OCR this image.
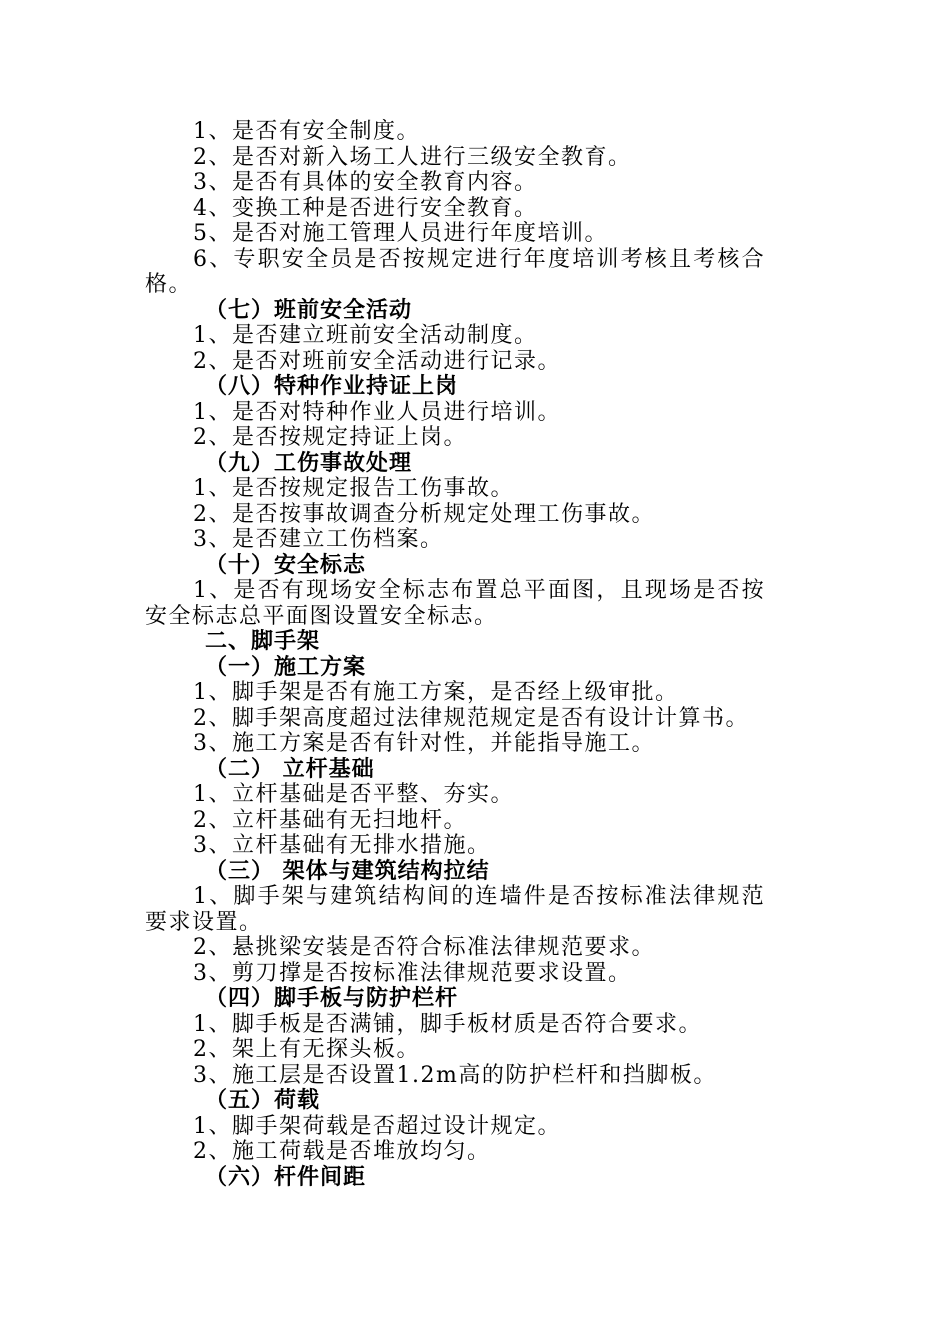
1、是否有安全制度。
2、是否对新入场工人进行三级安全教育。
3、是否有具体的安全教育内容。
4、变换工种是否进行安全教育。
5、是否对施工管理人员进行年度培训。
6、专职安全员是否按规定进行年度培训考核且考核合
格。
（七）班前安全活动
1、是否建立班前安全活动制度。
2、是否对班前安全活动进行记录。
（八）特种作业持证上岗
1、是否对特种作业人员进行培训。
2、是否按规定持证上岗。
（九）工伤事故处理
1、是否按规定报告工伤事故。
2、是否按事故调查分析规定处理工伤事故。
3、是否建立工伤档案。
（十）安全标志
1、是否有现场安全标志布置总平面图，且现场是否按
安全标志总平面图设置安全标志。
二、脚手架
（一）施工方案
1、脚手架是否有施工方案，是否经上级审批。
2、脚手架高度超过法律规范规定是否有设计计算书。
3、施工方案是否有针对性，并能指导施工。
（二） 立杆基础
1、立杆基础是否平整、夯实。
2、立杆基础有无扫地杆。
3、立杆基础有无排水措施。
（三） 架体与建筑结构拉结
1、脚手架与建筑结构间的连墙件是否按标准法律规范
要求设置。
2、悬挑梁安装是否符合标准法律规范要求。
3、剪刀撑是否按标准法律规范要求设置。
（四）脚手板与防护栏杆
1、脚手板是否满铺，脚手板材质是否符合要求。
2、架上有无探头板。
3、施工层是否设置1.2m高的防护栏杆和挡脚板。
（五）荷载
1、脚手架荷载是否超过设计规定。
2、施工荷载是否堆放均匀。
（六）杆件间距
